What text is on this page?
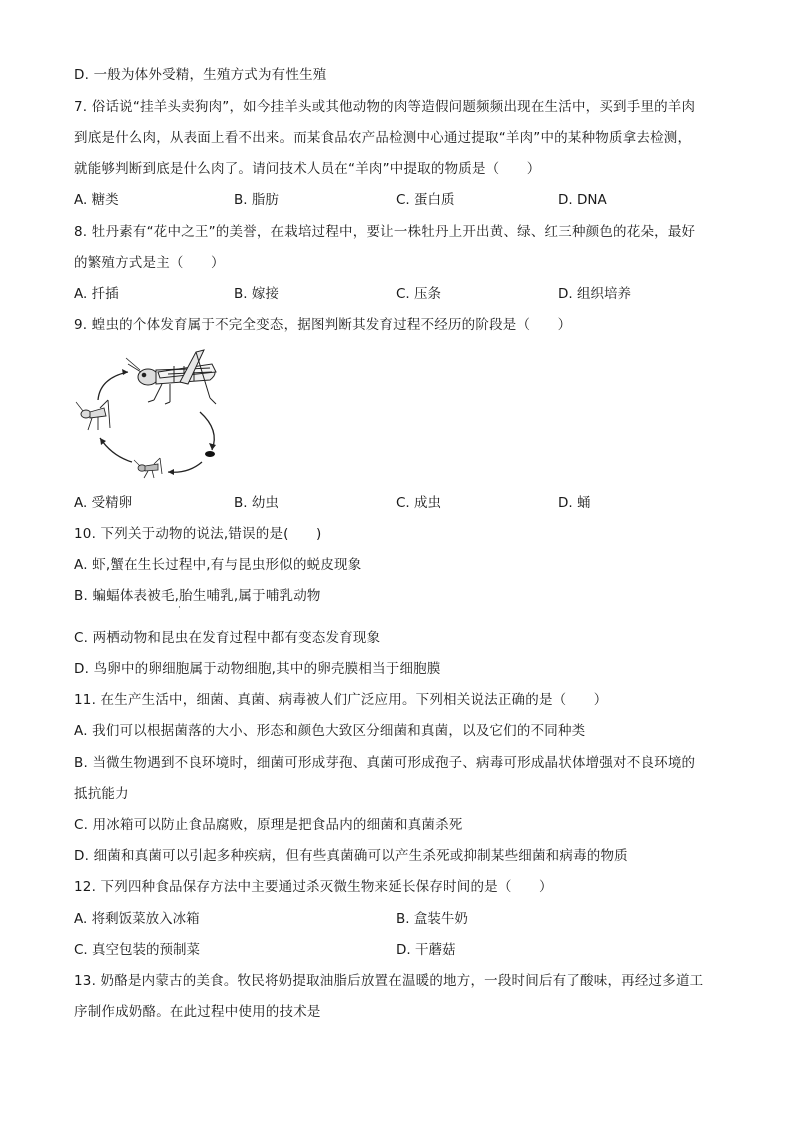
D. 一般为体外受精，生殖方式为有性生殖
7. 俗话说“挂羊头卖狗肉”，如今挂羊头或其他动物的肉等造假问题频频出现在生活中，买到手里的羊肉
到底是什么肉，从表面上看不出来。而某食品农产品检测中心通过提取“羊肉”中的某种物质拿去检测，
就能够判断到底是什么肉了。请问技术人员在“羊肉”中提取的物质是（　　）
A. 糖类	B. 脂肪	C. 蛋白质	D. DNA
8. 牡丹素有“花中之王”的美誉，在栽培过程中，要让一株牡丹上开出黄、绿、红三种颜色的花朵，最好
的繁殖方式是主（　　）
A. 扦插	B. 嫁接	C. 压条	D. 组织培养
9. 蝗虫的个体发育属于不完全变态，据图判断其发育过程不经历的阶段是（　　）
A. 受精卵	B. 幼虫	C. 成虫	D. 蛹
10. 下列关于动物的说法,错误的是(　　)
A. 虾,蟹在生长过程中,有与昆虫形似的蜕皮现象
B. 蝙蝠体表被毛,胎生哺乳,属于哺乳动物
·
C. 两栖动物和昆虫在发育过程中都有变态发育现象
D. 鸟卵中的卵细胞属于动物细胞,其中的卵壳膜相当于细胞膜
11. 在生产生活中，细菌、真菌、病毒被人们广泛应用。下列相关说法正确的是（　　）
A. 我们可以根据菌落的大小、形态和颜色大致区分细菌和真菌，以及它们的不同种类
B. 当微生物遇到不良环境时，细菌可形成芽孢、真菌可形成孢子、病毒可形成晶状体增强对不良环境的
抵抗能力
C. 用冰箱可以防止食品腐败，原理是把食品内的细菌和真菌杀死
D. 细菌和真菌可以引起多种疾病，但有些真菌确可以产生杀死或抑制某些细菌和病毒的物质
12. 下列四种食品保存方法中主要通过杀灭微生物来延长保存时间的是（　　）
A. 将剩饭菜放入冰箱	B. 盒装牛奶
C. 真空包装的预制菜	D. 干蘑菇
13. 奶酪是内蒙古的美食。牧民将奶提取油脂后放置在温暖的地方，一段时间后有了酸味，再经过多道工
序制作成奶酪。在此过程中使用的技术是
